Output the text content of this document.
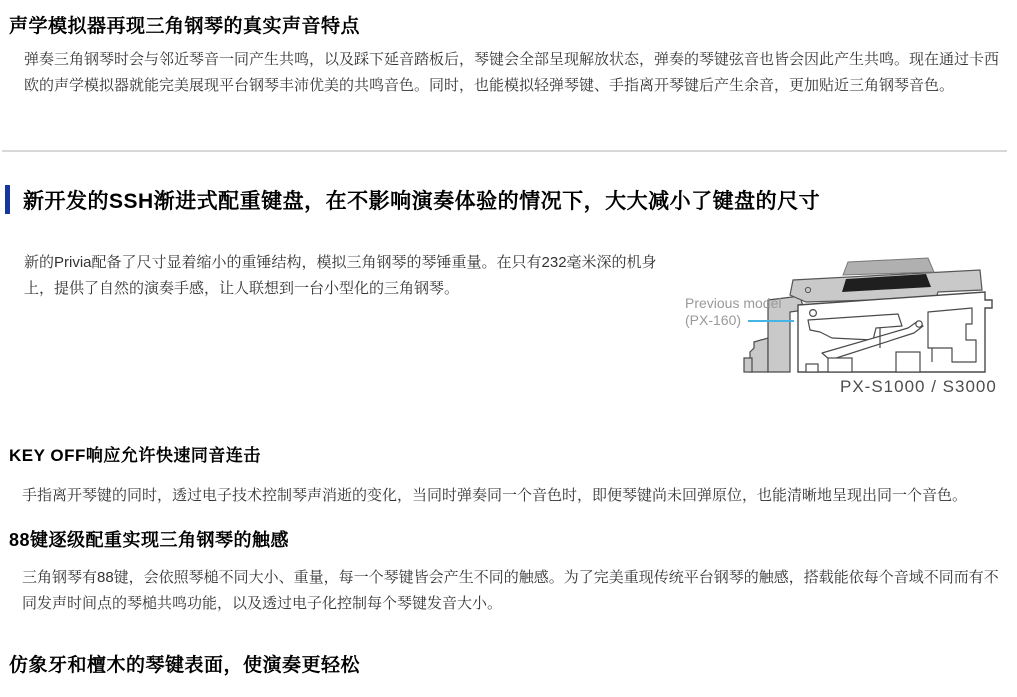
声学模拟器再现三角钢琴的真实声音特点
弹奏三角钢琴时会与邻近琴音一同产生共鸣，以及踩下延音踏板后，琴键会全部呈现解放状态，弹奏的琴键弦音也皆会因此产生共鸣。现在通过卡西欧的声学模拟器就能完美展现平台钢琴丰沛优美的共鸣音色。同时，也能模拟轻弹琴键、手指离开琴键后产生余音，更加贴近三角钢琴音色。
新开发的SSH渐进式配重键盘，在不影响演奏体验的情况下，大大减小了键盘的尺寸
新的Privia配备了尺寸显着缩小的重锤结构，模拟三角钢琴的琴锤重量。在只有232毫米深的机身上，提供了自然的演奏手感，让人联想到一台小型化的三角钢琴。
Previous model
(PX-160)
PX-S1000 / S3000
KEY OFF响应允许快速同音连击
手指离开琴键的同时，透过电子技术控制琴声消逝的变化，当同时弹奏同一个音色时，即便琴键尚未回弹原位，也能清晰地呈现出同一个音色。
88键逐级配重实现三角钢琴的触感
三角钢琴有88键，会依照琴槌不同大小、重量，每一个琴键皆会产生不同的触感。为了完美重现传统平台钢琴的触感，搭载能依每个音域不同而有不同发声时间点的琴槌共鸣功能，以及透过电子化控制每个琴键发音大小。
仿象牙和檀木的琴键表面，使演奏更轻松
